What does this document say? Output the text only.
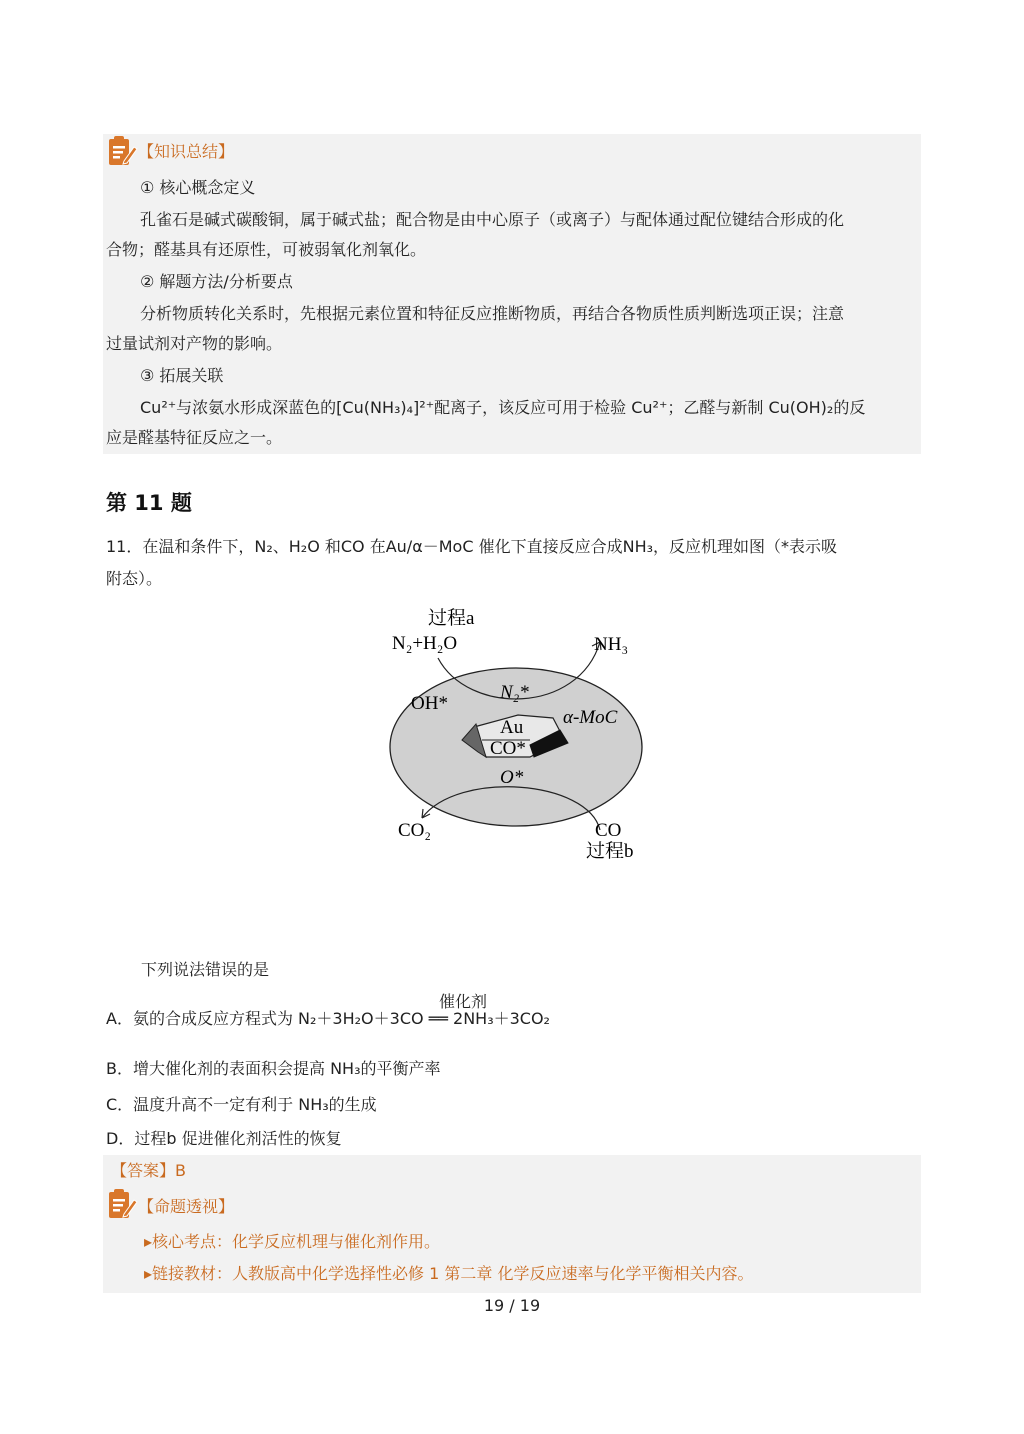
【知识总结】
① 核心概念定义
孔雀石是碱式碳酸铜，属于碱式盐；配合物是由中心原子（或离子）与配体通过配位键结合形成的化
合物；醛基具有还原性，可被弱氧化剂氧化。
② 解题方法/分析要点
分析物质转化关系时，先根据元素位置和特征反应推断物质，再结合各物质性质判断选项正误；注意
过量试剂对产物的影响。
③ 拓展关联
Cu²⁺与浓氨水形成深蓝色的[Cu(NH₃)₄]²⁺配离子，该反应可用于检验 Cu²⁺；乙醛与新制 Cu(OH)₂的反
应是醛基特征反应之一。
第 11 题
11．在温和条件下，N₂、H₂O 和CO 在Au/α－MoC 催化下直接反应合成NH₃，反应机理如图（*表示吸
附态）。
过程a
N₂+H₂O	NH₃
OH*
N₂*
Au
CO*
α-MoC
O*
CO₂	CO
过程b
下列说法错误的是
催化剂
A．氨的合成反应方程式为 N₂＋3H₂O＋3CO ══ 2NH₃＋3CO₂
B．增大催化剂的表面积会提高 NH₃的平衡产率
C．温度升高不一定有利于 NH₃的生成
D．过程b 促进催化剂活性的恢复
【答案】B
【命题透视】
▸核心考点：化学反应机理与催化剂作用。
▸链接教材：人教版高中化学选择性必修 1 第二章 化学反应速率与化学平衡相关内容。
19 / 19
